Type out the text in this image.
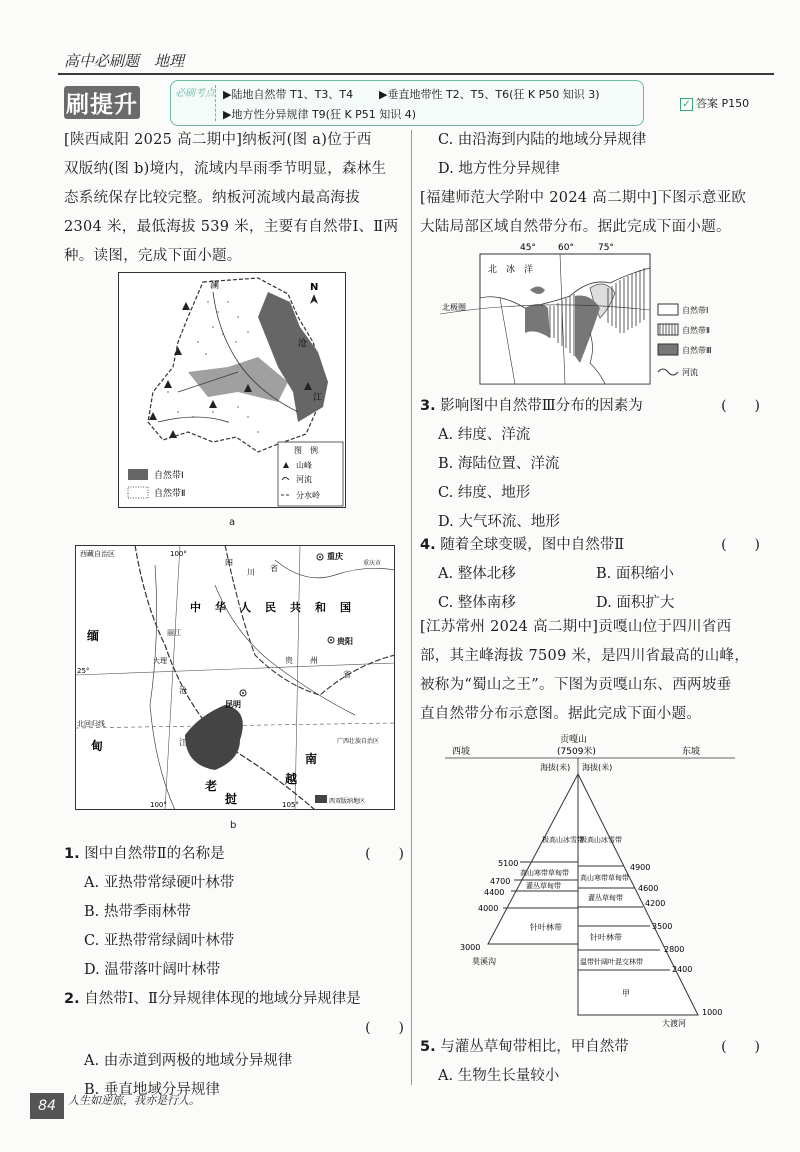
高中必刷题　地理
刷提升	必刷考点 ▶陆地自然带 T1、T3、T4 ▶垂直地带性 T2、T5、T6(狂 K P50 知识 3)
▶地方性分异规律 T9(狂 K P51 知识 4)
✓ 答案 P150
[陕西咸阳 2025 高二期中]纳板河(图 a)位于西
双版纳(图 b)境内，流域内旱雨季节明显，森林生
态系统保存比较完整。纳板河流域内最高海拔
2304 米，最低海拔 539 米，主要有自然带Ⅰ、Ⅱ两
种。读图，完成下面小题。
澜
沧
江
N
图　例
山峰
河流
分水岭
自然带Ⅰ
自然带Ⅱ
a
西藏自治区	100°
四
川 省
重庆
重庆市
中 华 人 民 共 和 国
丽江
贵阳
缅
大理	贵 州
省
25°
昆明
沧
北回归线
甸	江	广西壮族自治区
景洪
老
挝
越
南
100°	105°	西双版纳地区
b
1. 图中自然带Ⅱ的名称是	(　　)
A. 亚热带常绿硬叶林带
B. 热带季雨林带
C. 亚热带常绿阔叶林带
D. 温带落叶阔叶林带
2. 自然带Ⅰ、Ⅱ分异规律体现的地域分异规律是
(　　)
A. 由赤道到两极的地域分异规律
B. 垂直地域分异规律
C. 由沿海到内陆的地域分异规律
D. 地方性分异规律
[福建师范大学附中 2024 高二期中]下图示意亚欧
大陆局部区域自然带分布。据此完成下面小题。
45° 60°	75°
北　冰　洋
北极圈	自然带Ⅰ
自然带Ⅱ
自然带Ⅲ
河流
3. 影响图中自然带Ⅲ分布的因素为	(　　)
A. 纬度、洋流
B. 海陆位置、洋流
C. 纬度、地形
D. 大气环流、地形
4. 随着全球变暖，图中自然带Ⅱ	(　　)
A. 整体北移	B. 面积缩小
C. 整体南移	D. 面积扩大
[江苏常州 2024 高二期中]贡嘎山位于四川省西
部，其主峰海拔 7509 米，是四川省最高的山峰，
被称为“蜀山之王”。下图为贡嘎山东、西两坡垂
直自然带分布示意图。据此完成下面小题。
贡嘎山
(7509米)
西坡	东坡
海拔(米) 海拔(米)
5100
4700
4400
4000
3000
4900
4600
4200
3500
2800
2400
1000
极高山冰雪带
高山寒带草甸带
灌丛草甸带
针叶林带
极高山冰雪带
高山寒带草甸带
灌丛草甸带
针叶林带
温带针阔叶混交林带
甲
莫溪沟
大渡河
5. 与灌丛草甸带相比，甲自然带	(　　)
A. 生物生长量较小
84	人生如逆旅，我亦是行人。
